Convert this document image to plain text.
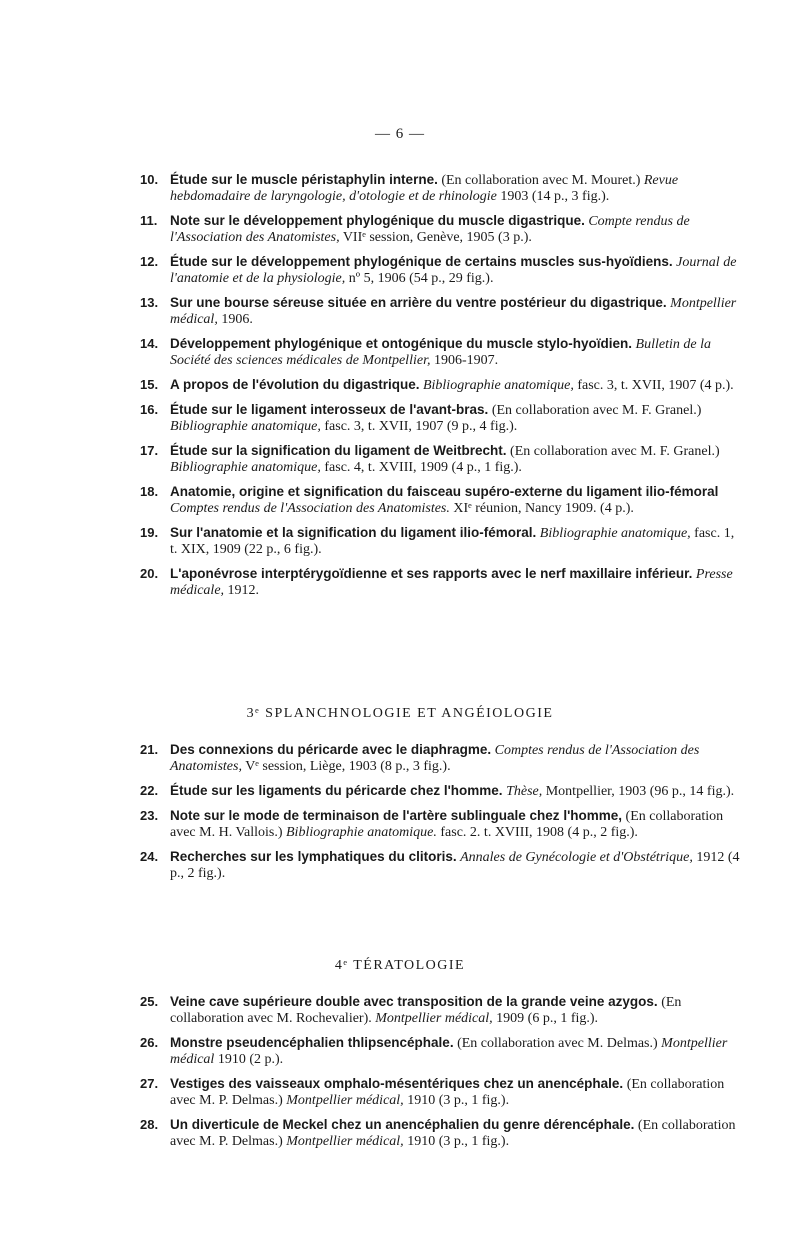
— 6 —

10. Étude sur le muscle péristaphylin interne. (En collaboration avec M. Mouret.) Revue hebdomadaire de laryngologie, d'otologie et de rhinologie 1903 (14 p., 3 fig.).

11. Note sur le développement phylogénique du muscle digastrique. Compte rendus de l'Association des Anatomistes, VIIᵉ session, Genève, 1905 (3 p.).

12. Étude sur le développement phylogénique de certains muscles sus-hyoïdiens. Journal de l'anatomie et de la physiologie, nº 5, 1906 (54 p., 29 fig.).

13. Sur une bourse séreuse située en arrière du ventre postérieur du digastrique. Montpellier médical, 1906.

14. Développement phylogénique et ontogénique du muscle stylo-hyoïdien. Bulletin de la Société des sciences médicales de Montpellier, 1906-1907.

15. A propos de l'évolution du digastrique. Bibliographie anatomique, fasc. 3, t. XVII, 1907 (4 p.).

16. Étude sur le ligament interosseux de l'avant-bras. (En collaboration avec M. F. Granel.) Bibliographie anatomique, fasc. 3, t. XVII, 1907 (9 p., 4 fig.).

17. Étude sur la signification du ligament de Weitbrecht. (En collaboration avec M. F. Granel.) Bibliographie anatomique, fasc. 4, t. XVIII, 1909 (4 p., 1 fig.).

18. Anatomie, origine et signification du faisceau supéro-externe du ligament ilio-fémoral Comptes rendus de l'Association des Anatomistes. XIᵉ réunion, Nancy 1909. (4 p.).

19. Sur l'anatomie et la signification du ligament ilio-fémoral. Bibliographie anatomique, fasc. 1, t. XIX, 1909 (22 p., 6 fig.).

20. L'aponévrose interptérygoïdienne et ses rapports avec le nerf maxillaire inférieur. Presse médicale, 1912.

3ᵉ SPLANCHNOLOGIE ET ANGÉIOLOGIE

21. Des connexions du péricarde avec le diaphragme. Comptes rendus de l'Association des Anatomistes, Vᵉ session, Liège, 1903 (8 p., 3 fig.).

22. Étude sur les ligaments du péricarde chez l'homme. Thèse, Montpellier, 1903 (96 p., 14 fig.).

23. Note sur le mode de terminaison de l'artère sublinguale chez l'homme, (En collaboration avec M. H. Vallois.) Bibliographie anatomique. fasc. 2. t. XVIII, 1908 (4 p., 2 fig.).

24. Recherches sur les lymphatiques du clitoris. Annales de Gynécologie et d'Obstétrique, 1912 (4 p., 2 fig.).

4ᵉ TÉRATOLOGIE

25. Veine cave supérieure double avec transposition de la grande veine azygos. (En collaboration avec M. Rochevalier). Montpellier médical, 1909 (6 p., 1 fig.).

26. Monstre pseudencéphalien thlipsencéphale. (En collaboration avec M. Delmas.) Montpellier médical 1910 (2 p.).

27. Vestiges des vaisseaux omphalo-mésentériques chez un anencéphale. (En collaboration avec M. P. Delmas.) Montpellier médical, 1910 (3 p., 1 fig.).

28. Un diverticule de Meckel chez un anencéphalien du genre dérencéphale. (En collaboration avec M. P. Delmas.) Montpellier médical, 1910 (3 p., 1 fig.).
